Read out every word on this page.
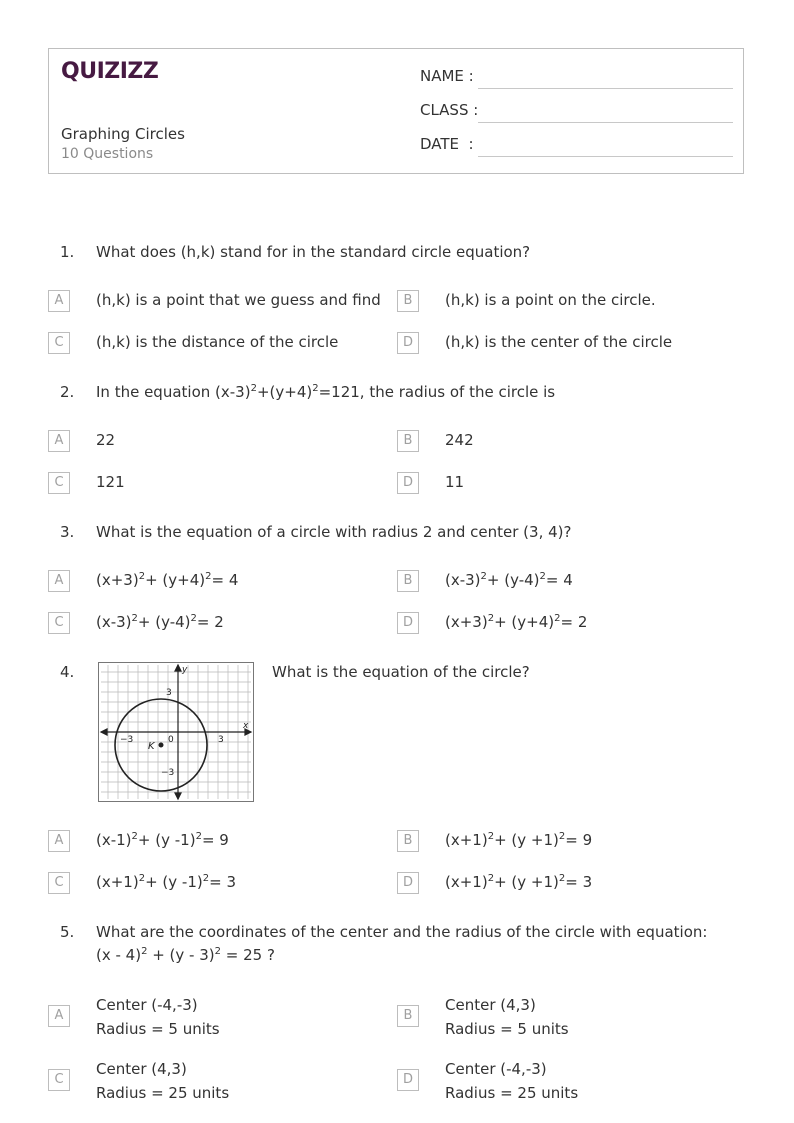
QUIZIZZ
Graphing Circles
10 Questions
NAME :
CLASS :
DATE  :
1. What does (h,k) stand for in the standard circle equation?
A	(h,k) is a point that we guess and find	B	(h,k) is a point on the circle.
C	(h,k) is the distance of the circle	D	(h,k) is the center of the circle
2. In the equation $(x-3)^2+(y+4)^2=121$, the radius of the circle is
A	22	B	242
C	121	D	11
3. What is the equation of a circle with radius 2 and center (3, 4)?
A	$(x+3)^2+ (y+4)^2= 4$	B	$(x-3)^2+ (y-4)^2= 4$
C	$(x-3)^2+ (y-4)^2= 2$	D	$(x+3)^2+ (y+4)^2= 2$
4.	What is the equation of the circle?
K
y
x
3
−3
0
−3	3
A	$(x-1)^2+ (y$ -1)$^2$= 9	B	$(x+1)^2+ (y +1)^2= 9$
C	$(x+1)^2+ (y$ -1)$^2$= 3	D	$(x+1)^2+ (y +1)^2= 3$
5. What are the coordinates of the center and the radius of the circle with equation:
(x - 4)$^2$ + (y - 3)$^2$ = 25 ?
A
Center (-4,-3)
Radius = 5 units
B
Center (4,3)
Radius = 5 units
C
Center (4,3)
Radius = 25 units
D
Center (-4,-3)
Radius = 25 units
